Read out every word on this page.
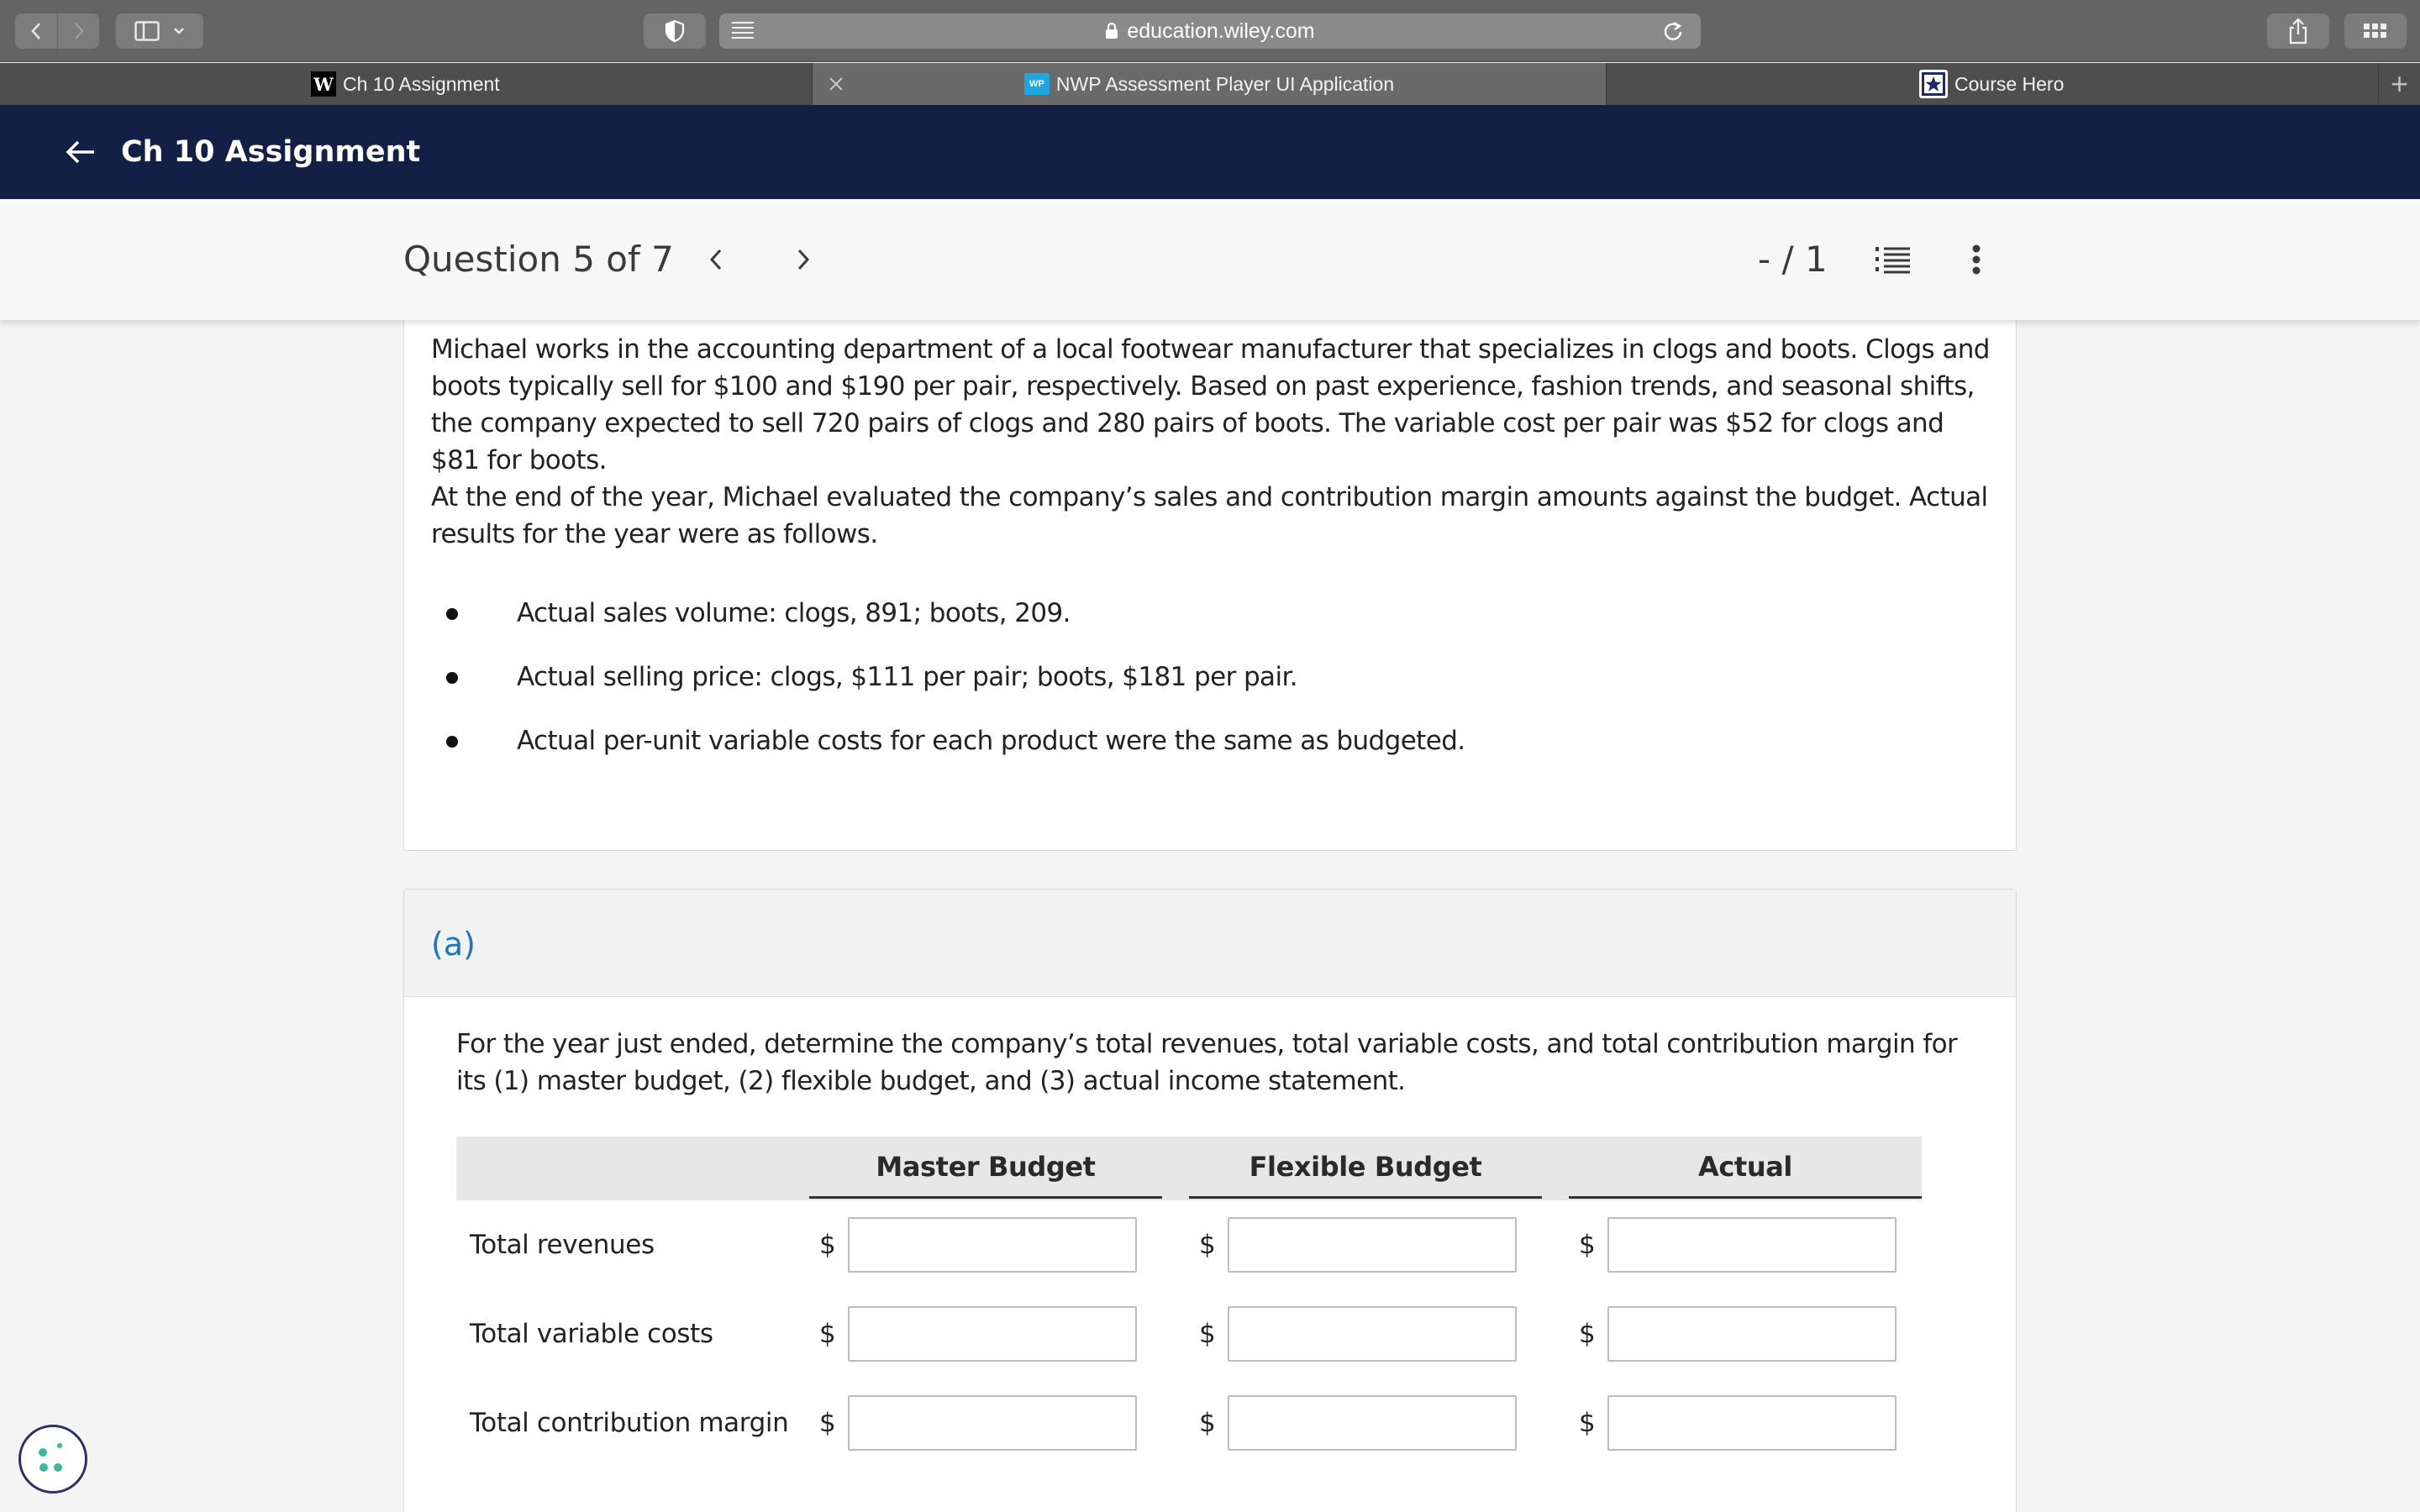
education.wiley.com
W Ch 10 Assignment	WP NWP Assessment Player UI Application	Course Hero	+
Ch 10 Assignment
Question 5 of 7	- / 1

Michael works in the accounting department of a local footwear manufacturer that specializes in clogs and boots. Clogs and boots typically sell for $100 and $190 per pair, respectively. Based on past experience, fashion trends, and seasonal shifts, the company expected to sell 720 pairs of clogs and 280 pairs of boots. The variable cost per pair was $52 for clogs and $81 for boots.

At the end of the year, Michael evaluated the company’s sales and contribution margin amounts against the budget. Actual results for the year were as follows.

Actual sales volume: clogs, 891; boots, 209.
Actual selling price: clogs, $111 per pair; boots, $181 per pair.
Actual per-unit variable costs for each product were the same as budgeted.
(a)

For the year just ended, determine the company’s total revenues, total variable costs, and total contribution margin for its (1) master budget, (2) flexible budget, and (3) actual income statement.

Master Budget	Flexible Budget	Actual
Total revenues	$	$	$
Total variable costs	$	$	$
Total contribution margin $	$	$
